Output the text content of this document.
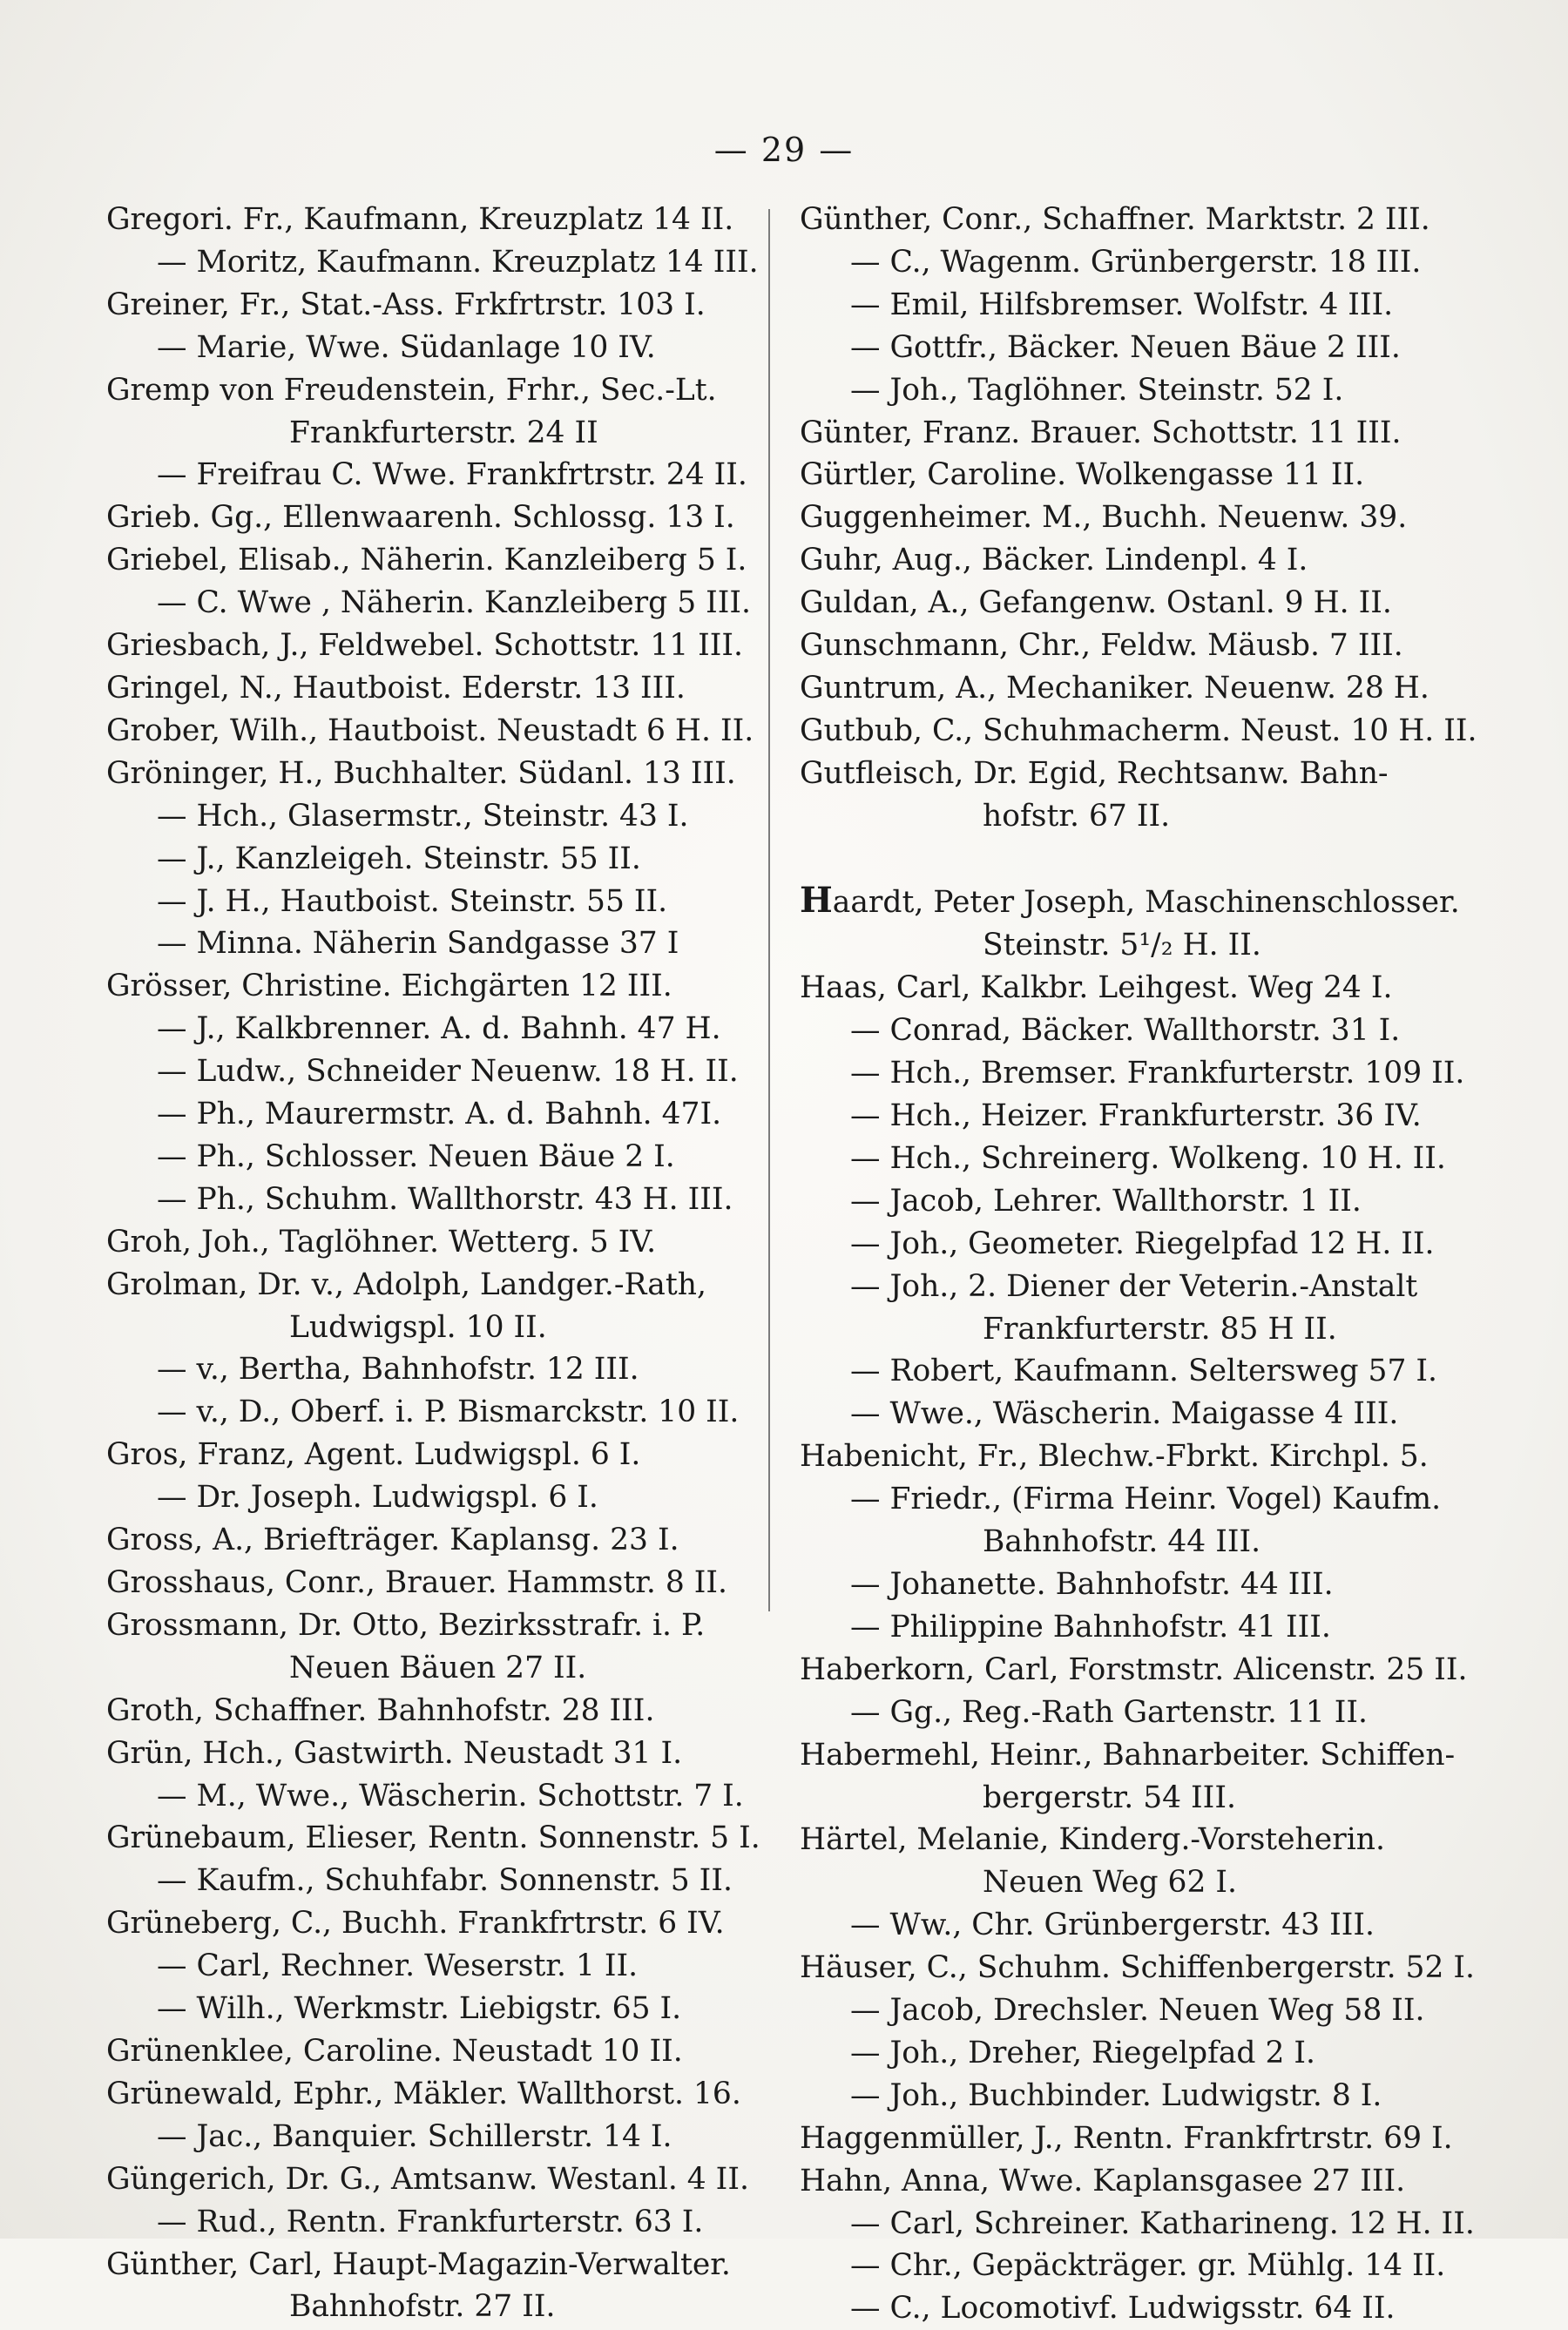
— 29 —
Gregori. Fr., Kaufmann, Kreuzplatz 14 II.
— Moritz, Kaufmann. Kreuzplatz 14 III.
Greiner, Fr., Stat.-Ass. Frkfrtrstr. 103 I.
— Marie, Wwe. Südanlage 10 IV.
Gremp von Freudenstein, Frhr., Sec.-Lt.
Frankfurterstr. 24 II
— Freifrau C. Wwe. Frankfrtrstr. 24 II.
Grieb. Gg., Ellenwaarenh. Schlossg. 13 I.
Griebel, Elisab., Näherin. Kanzleiberg 5 I.
— C. Wwe , Näherin. Kanzleiberg 5 III.
Griesbach, J., Feldwebel. Schottstr. 11 III.
Gringel, N., Hautboist. Ederstr. 13 III.
Grober, Wilh., Hautboist. Neustadt 6 H. II.
Gröninger, H., Buchhalter. Südanl. 13 III.
— Hch., Glasermstr., Steinstr. 43 I.
— J., Kanzleigeh. Steinstr. 55 II.
— J. H., Hautboist. Steinstr. 55 II.
— Minna. Näherin Sandgasse 37 I
Grösser, Christine. Eichgärten 12 III.
— J., Kalkbrenner. A. d. Bahnh. 47 H.
— Ludw., Schneider Neuenw. 18 H. II.
— Ph., Maurermstr. A. d. Bahnh. 47I.
— Ph., Schlosser. Neuen Bäue 2 I.
— Ph., Schuhm. Wallthorstr. 43 H. III.
Groh, Joh., Taglöhner. Wetterg. 5 IV.
Grolman, Dr. v., Adolph, Landger.-Rath,
Ludwigspl. 10 II.
— v., Bertha, Bahnhofstr. 12 III.
— v., D., Oberf. i. P. Bismarckstr. 10 II.
Gros, Franz, Agent. Ludwigspl. 6 I.
— Dr. Joseph. Ludwigspl. 6 I.
Gross, A., Briefträger. Kaplansg. 23 I.
Grosshaus, Conr., Brauer. Hammstr. 8 II.
Grossmann, Dr. Otto, Bezirksstrafr. i. P.
Neuen Bäuen 27 II.
Groth, Schaffner. Bahnhofstr. 28 III.
Grün, Hch., Gastwirth. Neustadt 31 I.
— M., Wwe., Wäscherin. Schottstr. 7 I.
Grünebaum, Elieser, Rentn. Sonnenstr. 5 I.
— Kaufm., Schuhfabr. Sonnenstr. 5 II.
Grüneberg, C., Buchh. Frankfrtrstr. 6 IV.
— Carl, Rechner. Weserstr. 1 II.
— Wilh., Werkmstr. Liebigstr. 65 I.
Grünenklee, Caroline. Neustadt 10 II.
Grünewald, Ephr., Mäkler. Wallthorst. 16.
— Jac., Banquier. Schillerstr. 14 I.
Güngerich, Dr. G., Amtsanw. Westanl. 4 II.
— Rud., Rentn. Frankfurterstr. 63 I.
Günther, Carl, Haupt-Magazin-Verwalter.
Bahnhofstr. 27 II.
Günther, Conr., Schaffner. Marktstr. 2 III.
— C., Wagenm. Grünbergerstr. 18 III.
— Emil, Hilfsbremser. Wolfstr. 4 III.
— Gottfr., Bäcker. Neuen Bäue 2 III.
— Joh., Taglöhner. Steinstr. 52 I.
Günter, Franz. Brauer. Schottstr. 11 III.
Gürtler, Caroline. Wolkengasse 11 II.
Guggenheimer. M., Buchh. Neuenw. 39.
Guhr, Aug., Bäcker. Lindenpl. 4 I.
Guldan, A., Gefangenw. Ostanl. 9 H. II.
Gunschmann, Chr., Feldw. Mäusb. 7 III.
Guntrum, A., Mechaniker. Neuenw. 28 H.
Gutbub, C., Schuhmacherm. Neust. 10 H. II.
Gutfleisch, Dr. Egid, Rechtsanw. Bahn-
hofstr. 67 II.
Haardt, Peter Joseph, Maschinenschlosser.
Steinstr. 5¹/₂ H. II.
Haas, Carl, Kalkbr. Leihgest. Weg 24 I.
— Conrad, Bäcker. Wallthorstr. 31 I.
— Hch., Bremser. Frankfurterstr. 109 II.
— Hch., Heizer. Frankfurterstr. 36 IV.
— Hch., Schreinerg. Wolkeng. 10 H. II.
— Jacob, Lehrer. Wallthorstr. 1 II.
— Joh., Geometer. Riegelpfad 12 H. II.
— Joh., 2. Diener der Veterin.-Anstalt
Frankfurterstr. 85 H II.
— Robert, Kaufmann. Seltersweg 57 I.
— Wwe., Wäscherin. Maigasse 4 III.
Habenicht, Fr., Blechw.-Fbrkt. Kirchpl. 5.
— Friedr., (Firma Heinr. Vogel) Kaufm.
Bahnhofstr. 44 III.
— Johanette. Bahnhofstr. 44 III.
— Philippine Bahnhofstr. 41 III.
Haberkorn, Carl, Forstmstr. Alicenstr. 25 II.
— Gg., Reg.-Rath Gartenstr. 11 II.
Habermehl, Heinr., Bahnarbeiter. Schiffen-
bergerstr. 54 III.
Härtel, Melanie, Kinderg.-Vorsteherin.
Neuen Weg 62 I.
— Ww., Chr. Grünbergerstr. 43 III.
Häuser, C., Schuhm. Schiffenbergerstr. 52 I.
— Jacob, Drechsler. Neuen Weg 58 II.
— Joh., Dreher, Riegelpfad 2 I.
— Joh., Buchbinder. Ludwigstr. 8 I.
Haggenmüller, J., Rentn. Frankfrtrstr. 69 I.
Hahn, Anna, Wwe. Kaplansgasee 27 III.
— Carl, Schreiner. Katharineng. 12 H. II.
— Chr., Gepäckträger. gr. Mühlg. 14 II.
— C., Locomotivf. Ludwigsstr. 64 II.
